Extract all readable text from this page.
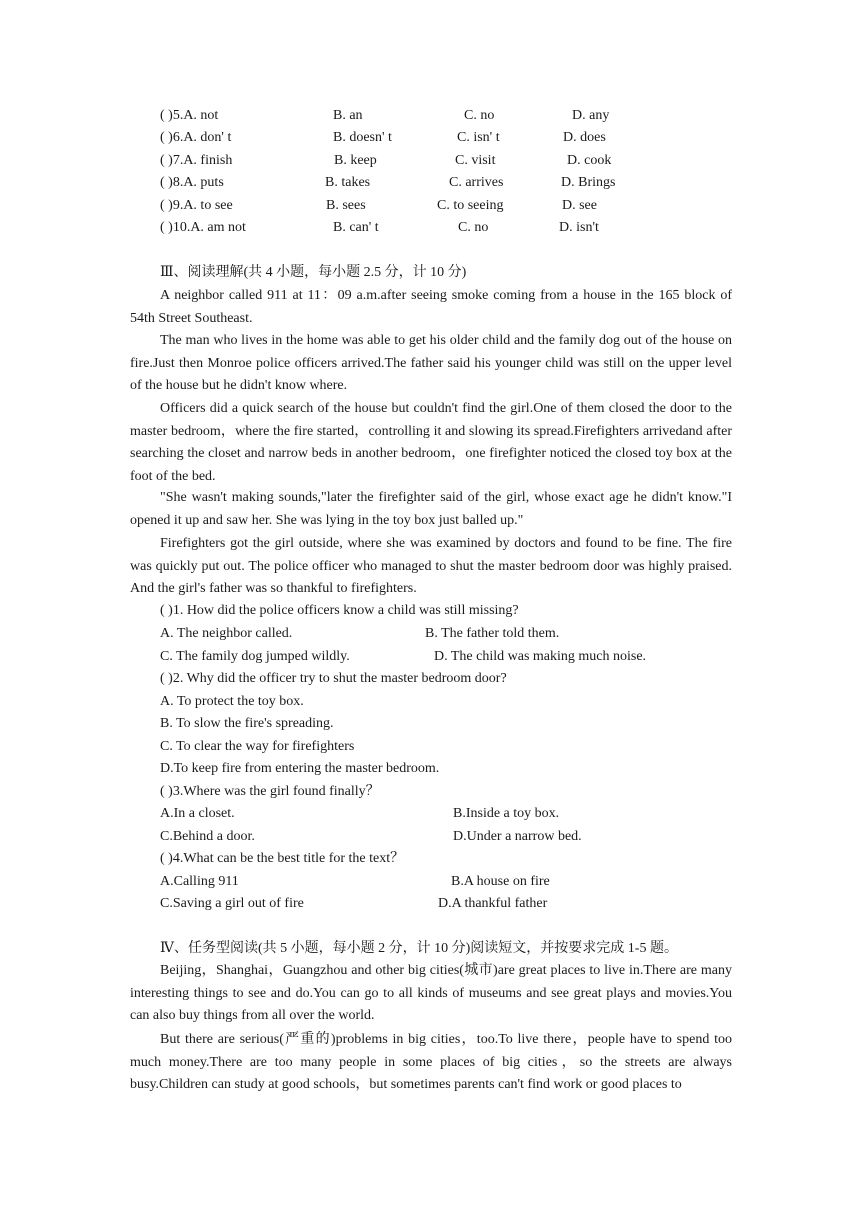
( )5.A. not	B. an	C. no	D. any
( )6.A. don' t	B. doesn' t	C. isn' t	D. does
( )7.A. finish	B. keep	C. visit	D. cook
( )8.A. puts	B. takes	C. arrives	D. Brings
( )9.A. to see	B. sees	C. to seeing	D. see
( )10.A. am not	B. can' t	C. no	D. isn't
Ⅲ、阅读理解(共 4 小题，每小题 2.5 分，计 10 分)
A neighbor called 911 at 11：09 a.m.after seeing smoke coming from a house in the 165 block of 54th Street Southeast.
The man who lives in the home was able to get his older child and the family dog out of the house on fire.Just then Monroe police officers arrived.The father said his younger child was still on the upper level of the house but he didn't know where.
Officers did a quick search of the house but couldn't find the girl.One of them closed the door to the master bedroom，where the fire started，controlling it and slowing its spread.Firefighters arrivedand after searching the closet and narrow beds in another bedroom，one firefighter noticed the closed toy box at the foot of the bed.
"She wasn't making sounds,"later the firefighter said of the girl, whose exact age he didn't know."I opened it up and saw her. She was lying in the toy box just balled up."
Firefighters got the girl outside, where she was examined by doctors and found to be fine. The fire was quickly put out. The police officer who managed to shut the master bedroom door was highly praised. And the girl's father was so thankful to firefighters.
( )1. How did the police officers know a child was still missing?
A. The neighbor called.	B. The father told them.
C. The family dog jumped wildly.	D. The child was making much noise.
( )2. Why did the officer try to shut the master bedroom door?
A. To protect the toy box.
B. To slow the fire's spreading.
C. To clear the way for firefighters
D.To keep fire from entering the master bedroom.
( )3.Where was the girl found finally？
A.In a closet.	B.Inside a toy box.
C.Behind a door.	D.Under a narrow bed.
( )4.What can be the best title for the text？
A.Calling 911	B.A house on fire
C.Saving a girl out of fire	D.A thankful father
Ⅳ、任务型阅读(共 5 小题，每小题 2 分，计 10 分)阅读短文，并按要求完成 1-5 题。
Beijing，Shanghai，Guangzhou and other big cities(城市)are great places to live in.There are many interesting things to see and do.You can go to all kinds of museums and see great plays and movies.You can also buy things from all over the world.
But there are serious(严重的)problems in big cities，too.To live there，people have to spend too much money.There are too many people in some places of big cities，so the streets are always busy.Children can study at good schools，but sometimes parents can't find work or good places to
